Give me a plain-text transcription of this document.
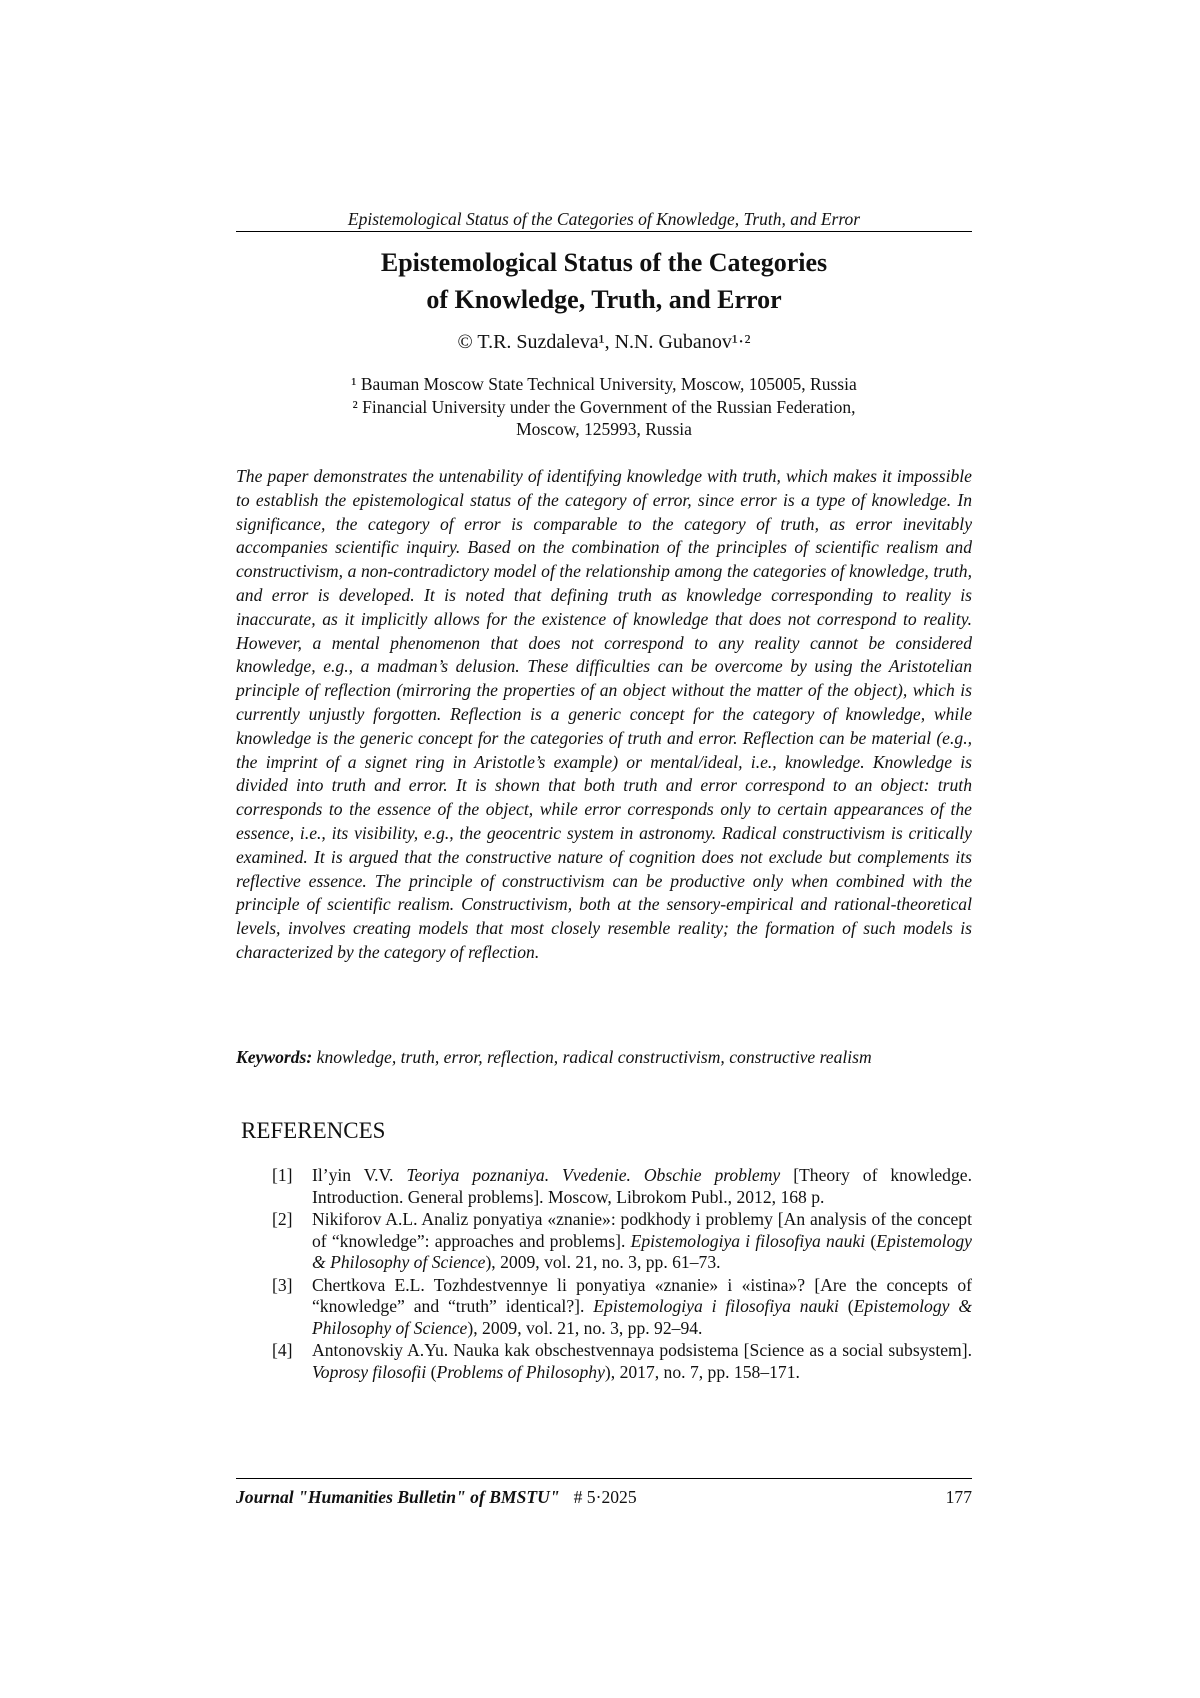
Epistemological Status of the Categories of Knowledge, Truth, and Error
Epistemological Status of the Categories
of Knowledge, Truth, and Error
© T.R. Suzdaleva¹, N.N. Gubanov¹·²
¹ Bauman Moscow State Technical University, Moscow, 105005, Russia
² Financial University under the Government of the Russian Federation,
Moscow, 125993, Russia

The paper demonstrates the untenability of identifying knowledge with truth, which makes it impossible to establish the epistemological status of the category of error, since error is a type of knowledge. In significance, the category of error is comparable to the category of truth, as error inevitably accompanies scientific inquiry. Based on the combination of the principles of scientific realism and constructivism, a non-contradictory model of the relationship among the categories of knowledge, truth, and error is developed. It is noted that defining truth as knowledge corresponding to reality is inaccurate, as it implicitly allows for the existence of knowledge that does not correspond to reality. However, a mental phenomenon that does not correspond to any reality cannot be considered knowledge, e.g., a madman’s delusion. These difficulties can be overcome by using the Aristotelian principle of reflection (mirroring the properties of an object without the matter of the object), which is currently unjustly forgotten. Reflection is a generic concept for the category of knowledge, while knowledge is the generic concept for the categories of truth and error. Reflection can be material (e.g., the imprint of a signet ring in Aristotle’s example) or mental/ideal, i.e., knowledge. Knowledge is divided into truth and error. It is shown that both truth and error correspond to an object: truth corresponds to the essence of the object, while error corresponds only to certain appearances of the essence, i.e., its visibility, e.g., the geocentric system in astronomy. Radical constructivism is critically examined. It is argued that the constructive nature of cognition does not exclude but complements its reflective essence. The principle of constructivism can be productive only when combined with the principle of scientific realism. Constructivism, both at the sensory-empirical and rational-theoretical levels, involves creating models that most closely resemble reality; the formation of such models is characterized by the category of reflection.

Keywords: knowledge, truth, error, reflection, radical constructivism, constructive realism

REFERENCES
[1] Il’yin V.V. Teoriya poznaniya. Vvedenie. Obschie problemy [Theory of knowledge. Introduction. General problems]. Moscow, Librokom Publ., 2012, 168 p.
[2] Nikiforov A.L. Analiz ponyatiya «znanie»: podkhody i problemy [An analysis of the concept of “knowledge”: approaches and problems]. Epistemologiya i filosofiya nauki (Epistemology & Philosophy of Science), 2009, vol. 21, no. 3, pp. 61–73.
[3] Chertkova E.L. Tozhdestvennye li ponyatiya «znanie» i «istina»? [Are the concepts of “knowledge” and “truth” identical?]. Epistemologiya i filosofiya nauki (Epistemology & Philosophy of Science), 2009, vol. 21, no. 3, pp. 92–94.
[4] Antonovskiy A.Yu. Nauka kak obschestvennaya podsistema [Science as a social subsystem]. Voprosy filosofii (Problems of Philosophy), 2017, no. 7, pp. 158–171.
Journal "Humanities Bulletin" of BMSTU" # 5·2025	177
